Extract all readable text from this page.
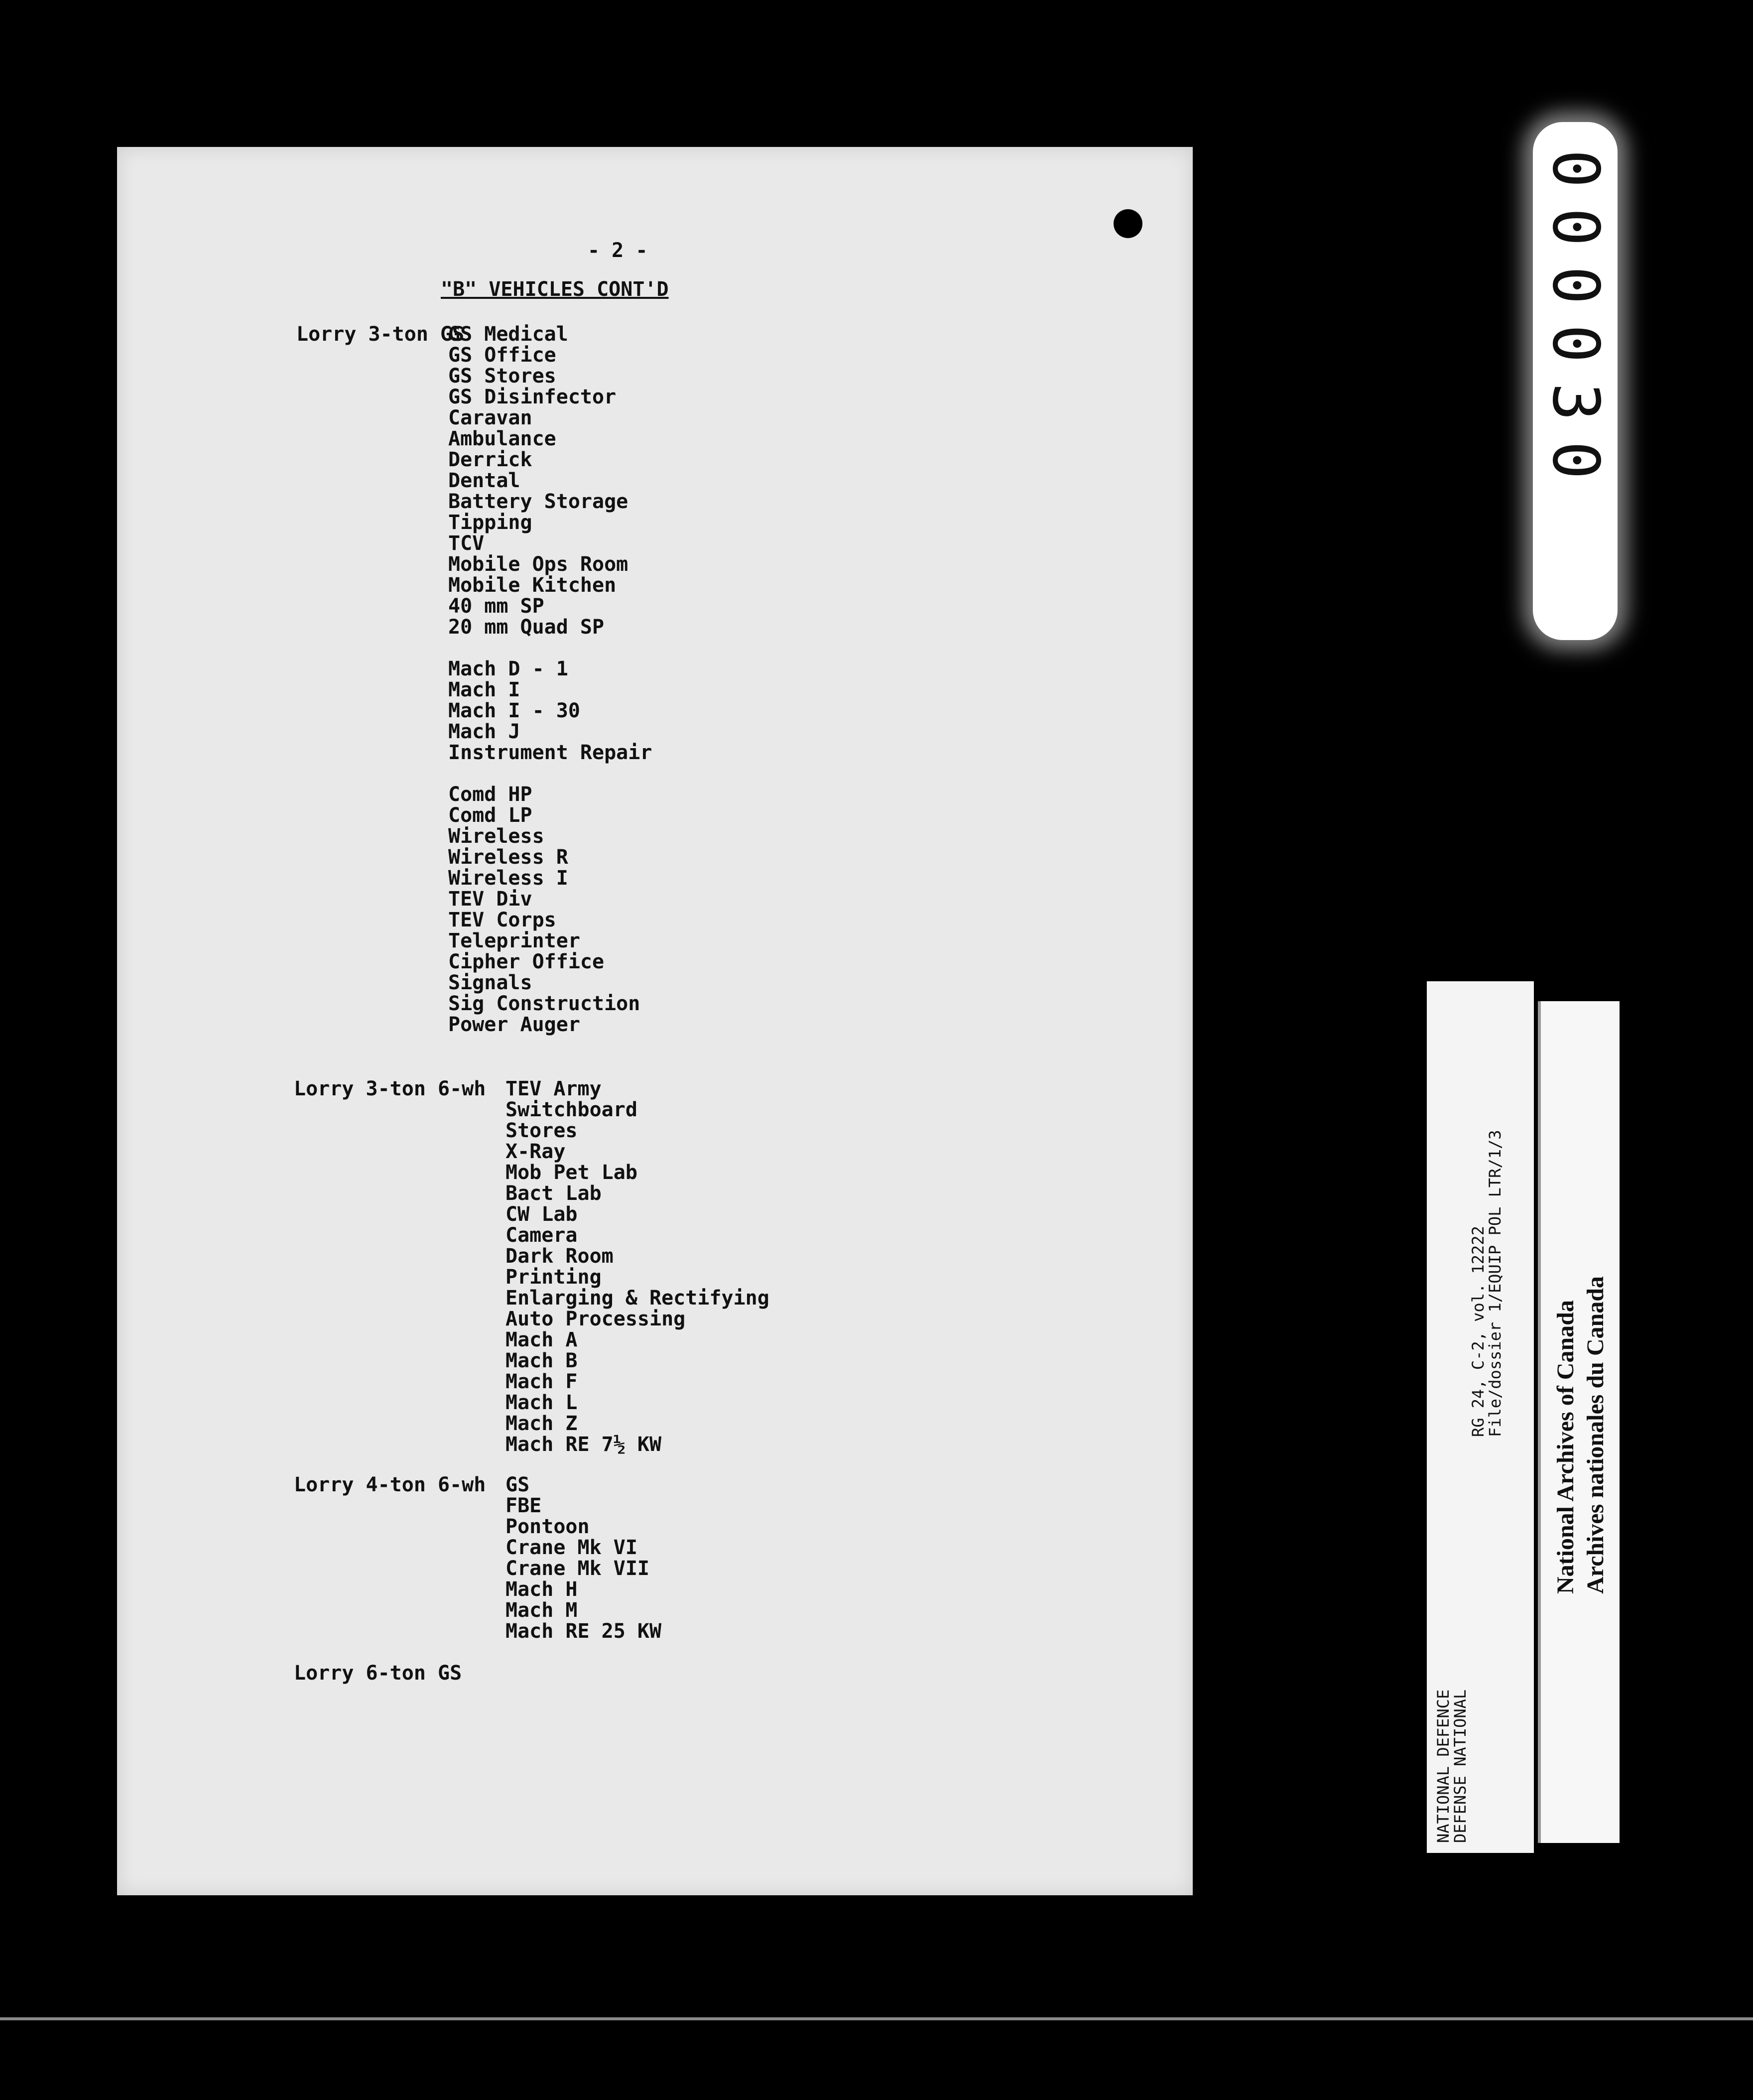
- 2 -
"B" VEHICLES CONT'D

Lorry 3-ton GS

GS Medical
GS Office
GS Stores
GS Disinfector
Caravan
Ambulance
Derrick
Dental
Battery Storage
Tipping
TCV
Mobile Ops Room
Mobile Kitchen
40 mm SP
20 mm Quad SP
Mach D - 1
Mach I
Mach I - 30
Mach J
Instrument Repair
Comd HP
Comd LP
Wireless
Wireless R
Wireless I
TEV Div
TEV Corps
Teleprinter
Cipher Office
Signals
Sig Construction
Power Auger

Lorry 3-ton 6-wh

TEV Army
Switchboard
Stores
X-Ray
Mob Pet Lab
Bact Lab
CW Lab
Camera
Dark Room
Printing
Enlarging & Rectifying
Auto Processing
Mach A
Mach B
Mach F
Mach L
Mach Z
Mach RE 7½ KW

Lorry 4-ton 6-wh

GS
FBE
Pontoon
Crane Mk VI
Crane Mk VII
Mach H
Mach M
Mach RE 25 KW

Lorry 6-ton GS

000030
NATIONAL DEFENCE
DEFENSE NATIONAL
RG 24, C-2, vol. 12222
File/dossier 1/EQUIP POL LTR/1/3
National Archives of Canada Archives nationales du Canada
